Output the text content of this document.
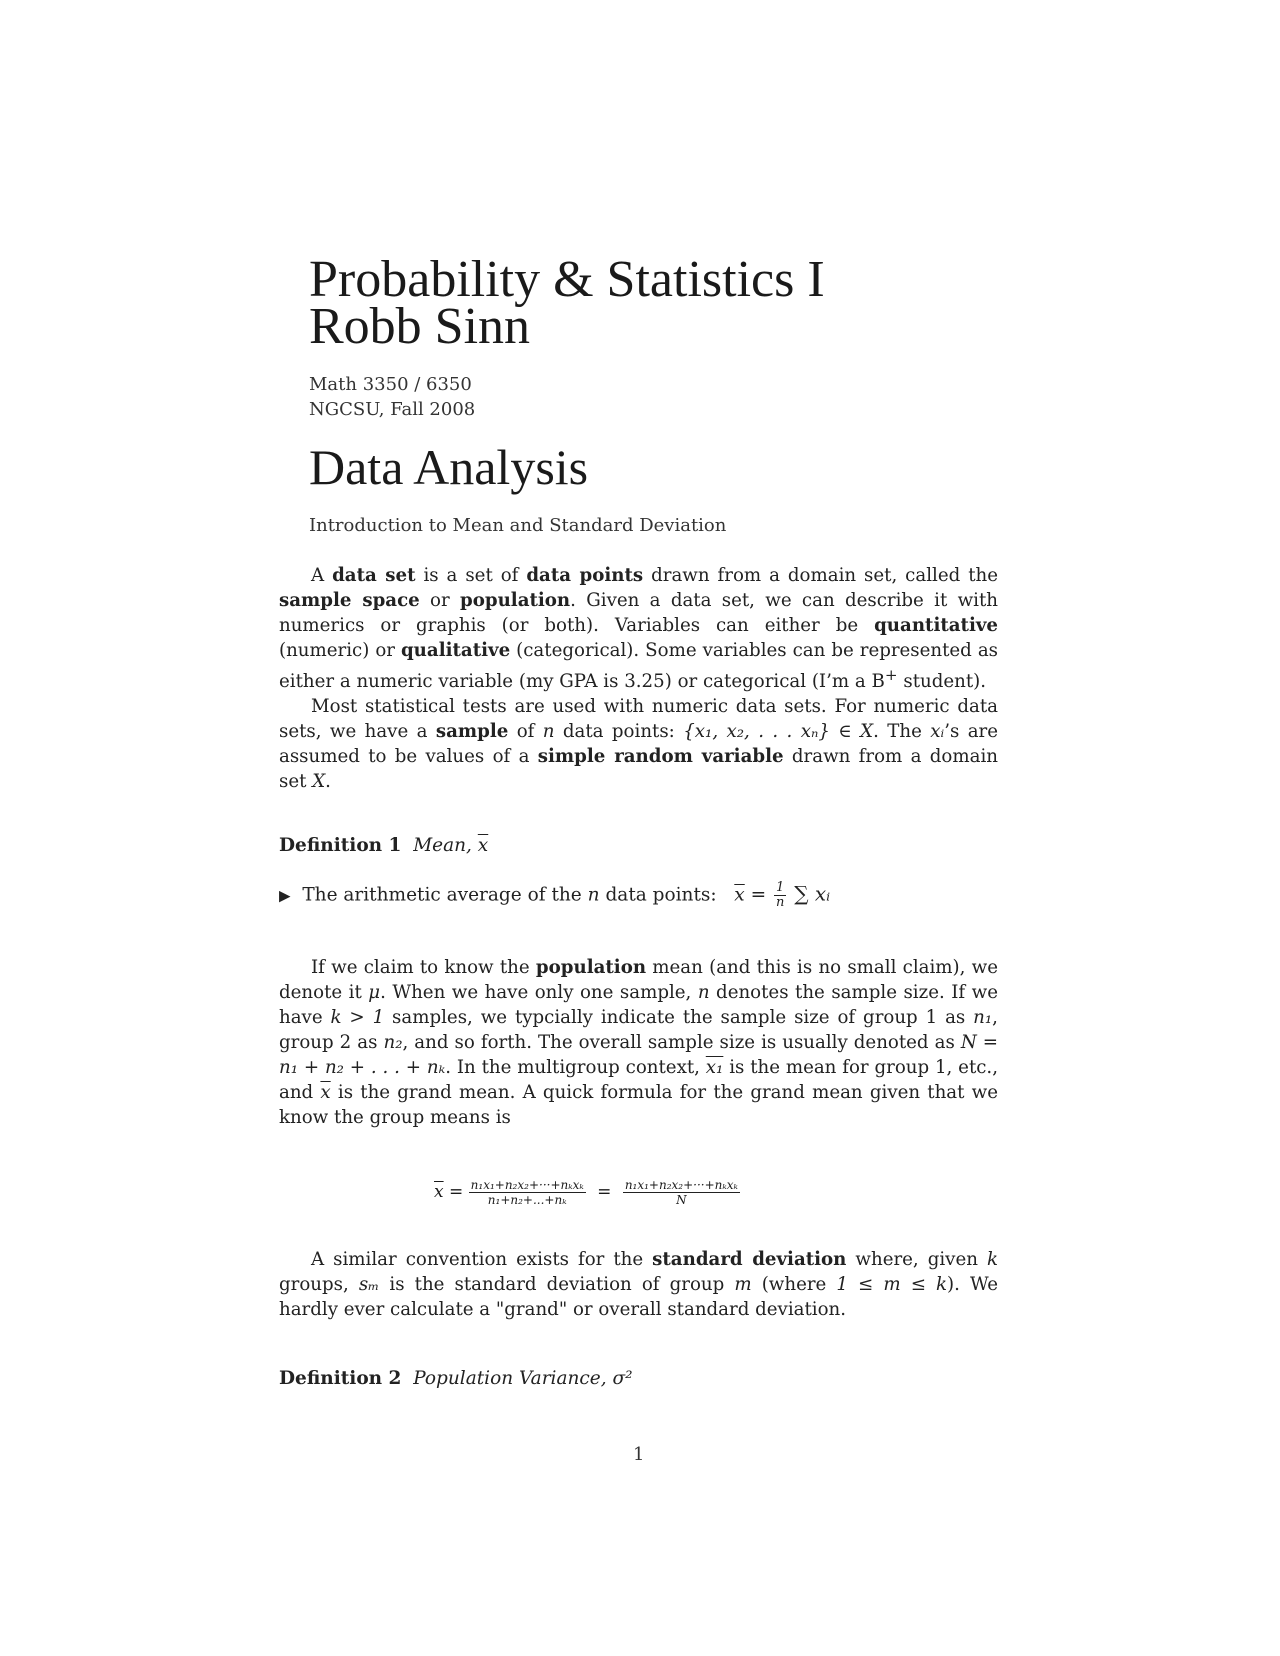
Probability & Statistics I
Robb Sinn
Math 3350 / 6350
NGCSU, Fall 2008
Data Analysis
Introduction to Mean and Standard Deviation

A data set is a set of data points drawn from a domain set, called the sample space or population. Given a data set, we can describe it with numerics or graphis (or both). Variables can either be quantitative (numeric) or qualitative (categorical). Some variables can be represented as either a numeric variable (my GPA is 3.25) or categorical (I’m a B+ student).

Most statistical tests are used with numeric data sets. For numeric data sets, we have a sample of n data points: {x₁, x₂, . . . xₙ} ∈ X. The xᵢ’s are assumed to be values of a simple random variable drawn from a domain set X.

Definition 1 Mean, $\overline{x}$
▶ The arithmetic average of the n data points: $\overline{x} = \frac{1}{n}$ ∑ xᵢ

If we claim to know the population mean (and this is no small claim), we denote it μ. When we have only one sample, n denotes the sample size. If we have k > 1 samples, we typcially indicate the sample size of group 1 as n₁, group 2 as n₂, and so forth. The overall sample size is usually denoted as N = n₁ + n₂ + . . . + nₖ. In the multigroup context, x₁ is the mean for group 1, etc., and $\overline{x}$ is the grand mean. A quick formula for the grand mean given that we know the group means is

$\overline{x} = \frac{\text{n₁x₁+n₂x₂+···+nₖxₖ}}{\text{n₁+n₂+...+nₖ}} = \frac{\text{n₁x₁+n₂x₂+···+nₖxₖ}}{N}$

A similar convention exists for the standard deviation where, given k groups, sₘ is the standard deviation of group m (where 1 ≤ m ≤ k). We hardly ever calculate a "grand" or overall standard deviation.

Definition 2 Population Variance, σ²
1
